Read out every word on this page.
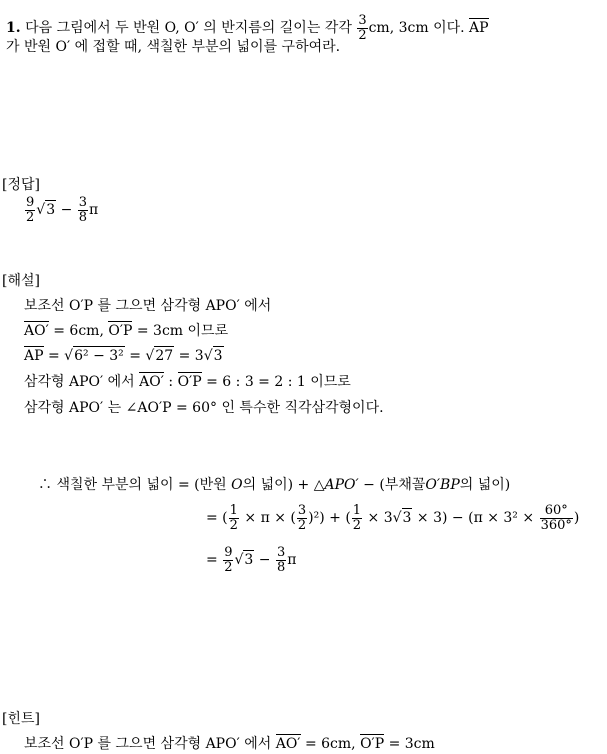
1. 다음 그림에서 두 반원 O, O′ 의 반지름의 길이는 각각 $\frac{3}{2}$ cm, 3cm 이다. AP
가 반원 O′ 에 접할 때, 색칠한 부분의 넓이를 구하여라.
[정답]
$\frac{9}{2} √3 - \frac{3}{8}$ π
[해설]
보조선 O′P 를 그으면 삼각형 APO′ 에서
AO′ = 6cm, O′P = 3cm 이므로
AP = √6² − 3² = √27 = 3√3
삼각형 APO′ 에서 AO′ : O′P = 6 : 3 = 2 : 1 이므로
삼각형 APO′ 는 ∠AO′P = 60° 인 특수한 직각삼각형이다.
∴ 색칠한 부분의 넓이 = (반원 O의 넓이) + △APO′ − (부채꼴O′BP의 넓이)
= ( $\frac{1}{2} \times \pi$ × ( $\frac{3}{2} )^2$) + ( $\frac{1}{2} \times 3√3 \times 3) - (\pi \times 3^2 \times \frac{60^\circ}{360^\circ}$ )
= $\frac{9}{2} √3 - \frac{3}{8}$ π
[힌트]
보조선 O′P 를 그으면 삼각형 APO′ 에서 AO′ = 6cm, O′P = 3cm
